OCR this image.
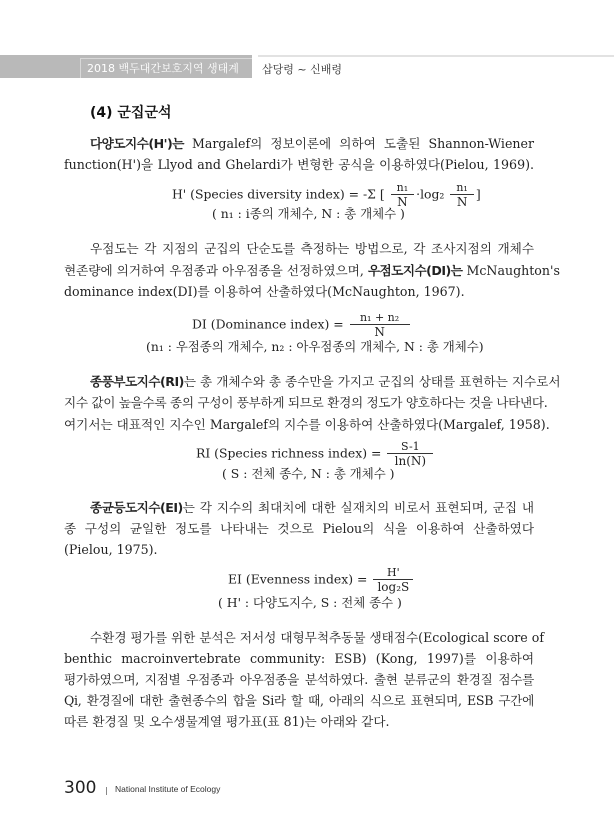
2018 백두대간보호지역 생태계 조사
삽당령 ~ 신배령
(4) 군집군석
다양도지수(H')는 Margalef의 정보이론에 의하여 도출된 Shannon-Wiener
function(H')을 Llyod and Ghelardi가 변형한 공식을 이용하였다(Pielou, 1969).
H' (Species diversity index) = -Σ [ $\frac{\text{n₁}}{N} \cdot\log_2 \frac{\text{n₁}}{N}$ ]
( n₁ : i종의 개체수, N : 총 개체수 )
우점도는 각 지점의 군집의 단순도를 측정하는 방법으로, 각 조사지점의 개체수
현존량에 의거하여 우점종과 아우점종을 선정하였으며, 우점도지수(DI)는 McNaughton's
dominance index(DI)를 이용하여 산출하였다(McNaughton, 1967).
DI (Dominance index) = $\frac{\text{n₁ + n₂}}{N}$
(n₁ : 우점종의 개체수, n₂ : 아우점종의 개체수, N : 총 개체수)
종풍부도지수(RI)는 총 개체수와 총 종수만을 가지고 군집의 상태를 표현하는 지수로서
지수 값이 높을수록 종의 구성이 풍부하게 되므로 환경의 정도가 양호하다는 것을 나타낸다.
여기서는 대표적인 지수인 Margalef의 지수를 이용하여 산출하였다(Margalef, 1958).
RI (Species richness index) = $\frac{S-1}{\ln(N)}$
( S : 전체 종수, N : 총 개체수 )
종균등도지수(EI)는 각 지수의 최대치에 대한 실재치의 비로서 표현되며, 군집 내
종 구성의 균일한 정도를 나타내는 것으로 Pielou의 식을 이용하여 산출하였다
(Pielou, 1975).
EI (Evenness index) = $\frac{H'}{\text{log₂S}}$
( H' : 다양도지수, S : 전체 종수 )
수환경 평가를 위한 분석은 저서성 대형무척추동물 생태점수(Ecological score of
benthic macroinvertebrate community: ESB) (Kong, 1997)를 이용하여
평가하였으며, 지점별 우점종과 아우점종을 분석하였다. 출현 분류군의 환경질 점수를
Qi, 환경질에 대한 출현종수의 합을 Si라 할 때, 아래의 식으로 표현되며, ESB 구간에
따른 환경질 및 오수생물계열 평가표(표 81)는 아래와 같다.
300 National Institute of Ecology
